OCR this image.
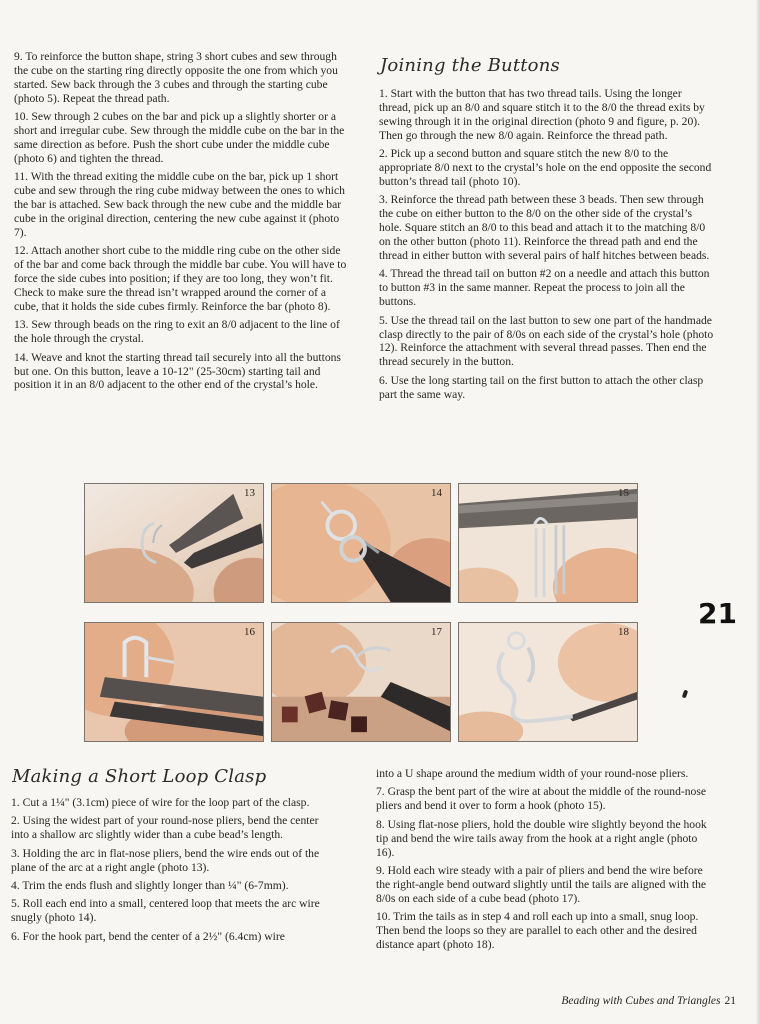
9. To reinforce the button shape, string 3 short cubes and sew through the cube on the starting ring directly opposite the one from which you started. Sew back through the 3 cubes and through the starting cube (photo 5). Repeat the thread path.

10. Sew through 2 cubes on the bar and pick up a slightly shorter or a short and irregular cube. Sew through the middle cube on the bar in the same direction as before. Push the short cube under the middle cube (photo 6) and tighten the thread.

11. With the thread exiting the middle cube on the bar, pick up 1 short cube and sew through the ring cube midway between the ones to which the bar is attached. Sew back through the new cube and the middle bar cube in the original direction, centering the new cube against it (photo 7).

12. Attach another short cube to the middle ring cube on the other side of the bar and come back through the middle bar cube. You will have to force the side cubes into position; if they are too long, they won’t fit. Check to make sure the thread isn’t wrapped around the corner of a cube, that it holds the side cubes firmly. Reinforce the bar (photo 8).

13. Sew through beads on the ring to exit an 8/0 adjacent to the line of the hole through the crystal.

14. Weave and knot the starting thread tail securely into all the buttons but one. On this button, leave a 10-12" (25-30cm) starting tail and position it in an 8/0 adjacent to the other end of the crystal’s hole.

Joining the Buttons

1. Start with the button that has two thread tails. Using the longer thread, pick up an 8/0 and square stitch it to the 8/0 the thread exits by sewing through it in the original direction (photo 9 and figure, p. 20). Then go through the new 8/0 again. Reinforce the thread path.

2. Pick up a second button and square stitch the new 8/0 to the appropriate 8/0 next to the crystal’s hole on the end opposite the second button’s thread tail (photo 10).

3. Reinforce the thread path between these 3 beads. Then sew through the cube on either button to the 8/0 on the other side of the crystal’s hole. Square stitch an 8/0 to this bead and attach it to the matching 8/0 on the other button (photo 11). Reinforce the thread path and end the thread in either button with several pairs of half hitches between beads.

4. Thread the thread tail on button #2 on a needle and attach this button to button #3 in the same manner. Repeat the process to join all the buttons.

5. Use the thread tail on the last button to sew one part of the handmade clasp directly to the pair of 8/0s on each side of the crystal’s hole (photo 12). Reinforce the attachment with several thread passes. Then end the thread securely in the button.

6. Use the long starting tail on the first button to attach the other clasp part the same way.

13	14	15
16	17	18
21
Making a Short Loop Clasp

1. Cut a 1¼" (3.1cm) piece of wire for the loop part of the clasp.

2. Using the widest part of your round-nose pliers, bend the center into a shallow arc slightly wider than a cube bead’s length.

3. Holding the arc in flat-nose pliers, bend the wire ends out of the plane of the arc at a right angle (photo 13).

4. Trim the ends flush and slightly longer than ¼" (6-7mm).

5. Roll each end into a small, centered loop that meets the arc wire snugly (photo 14).

6. For the hook part, bend the center of a 2½" (6.4cm) wire

into a U shape around the medium width of your round-nose pliers.

7. Grasp the bent part of the wire at about the middle of the round-nose pliers and bend it over to form a hook (photo 15).

8. Using flat-nose pliers, hold the double wire slightly beyond the hook tip and bend the wire tails away from the hook at a right angle (photo 16).

9. Hold each wire steady with a pair of pliers and bend the wire before the right-angle bend outward slightly until the tails are aligned with the 8/0s on each side of a cube bead (photo 17).

10. Trim the tails as in step 4 and roll each up into a small, snug loop. Then bend the loops so they are parallel to each other and the desired distance apart (photo 18).

Beading with Cubes and Triangles 21
